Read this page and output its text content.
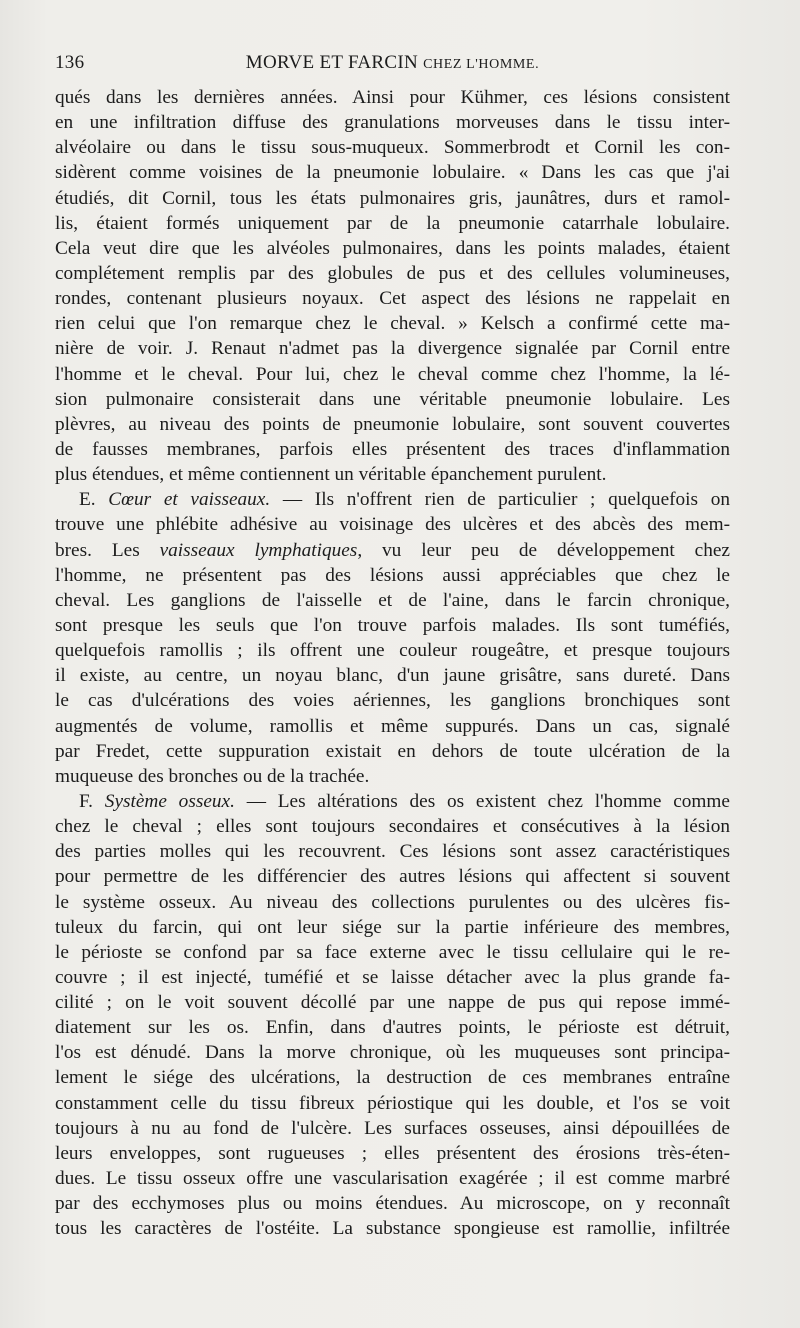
136	MORVE ET FARCIN CHEZ L'HOMME.
qués dans les dernières années. Ainsi pour Kühmer, ces lésions consistent
en une infiltration diffuse des granulations morveuses dans le tissu inter-
alvéolaire ou dans le tissu sous-muqueux. Sommerbrodt et Cornil les con-
sidèrent comme voisines de la pneumonie lobulaire. « Dans les cas que j'ai
étudiés, dit Cornil, tous les états pulmonaires gris, jaunâtres, durs et ramol-
lis, étaient formés uniquement par de la pneumonie catarrhale lobulaire.
Cela veut dire que les alvéoles pulmonaires, dans les points malades, étaient
complétement remplis par des globules de pus et des cellules volumineuses,
rondes, contenant plusieurs noyaux. Cet aspect des lésions ne rappelait en
rien celui que l'on remarque chez le cheval. » Kelsch a confirmé cette ma-
nière de voir. J. Renaut n'admet pas la divergence signalée par Cornil entre
l'homme et le cheval. Pour lui, chez le cheval comme chez l'homme, la lé-
sion pulmonaire consisterait dans une véritable pneumonie lobulaire. Les
plèvres, au niveau des points de pneumonie lobulaire, sont souvent couvertes
de fausses membranes, parfois elles présentent des traces d'inflammation
plus étendues, et même contiennent un véritable épanchement purulent.
E. Cœur et vaisseaux. — Ils n'offrent rien de particulier ; quelquefois on
trouve une phlébite adhésive au voisinage des ulcères et des abcès des mem-
bres. Les vaisseaux lymphatiques, vu leur peu de développement chez
l'homme, ne présentent pas des lésions aussi appréciables que chez le
cheval. Les ganglions de l'aisselle et de l'aine, dans le farcin chronique,
sont presque les seuls que l'on trouve parfois malades. Ils sont tuméfiés,
quelquefois ramollis ; ils offrent une couleur rougeâtre, et presque toujours
il existe, au centre, un noyau blanc, d'un jaune grisâtre, sans dureté. Dans
le cas d'ulcérations des voies aériennes, les ganglions bronchiques sont
augmentés de volume, ramollis et même suppurés. Dans un cas, signalé
par Fredet, cette suppuration existait en dehors de toute ulcération de la
muqueuse des bronches ou de la trachée.
F. Système osseux. — Les altérations des os existent chez l'homme comme
chez le cheval ; elles sont toujours secondaires et consécutives à la lésion
des parties molles qui les recouvrent. Ces lésions sont assez caractéristiques
pour permettre de les différencier des autres lésions qui affectent si souvent
le système osseux. Au niveau des collections purulentes ou des ulcères fis-
tuleux du farcin, qui ont leur siége sur la partie inférieure des membres,
le périoste se confond par sa face externe avec le tissu cellulaire qui le re-
couvre ; il est injecté, tuméfié et se laisse détacher avec la plus grande fa-
cilité ; on le voit souvent décollé par une nappe de pus qui repose immé-
diatement sur les os. Enfin, dans d'autres points, le périoste est détruit,
l'os est dénudé. Dans la morve chronique, où les muqueuses sont principa-
lement le siége des ulcérations, la destruction de ces membranes entraîne
constamment celle du tissu fibreux périostique qui les double, et l'os se voit
toujours à nu au fond de l'ulcère. Les surfaces osseuses, ainsi dépouillées de
leurs enveloppes, sont rugueuses ; elles présentent des érosions très-éten-
dues. Le tissu osseux offre une vascularisation exagérée ; il est comme marbré
par des ecchymoses plus ou moins étendues. Au microscope, on y reconnaît
tous les caractères de l'ostéite. La substance spongieuse est ramollie, infiltrée
